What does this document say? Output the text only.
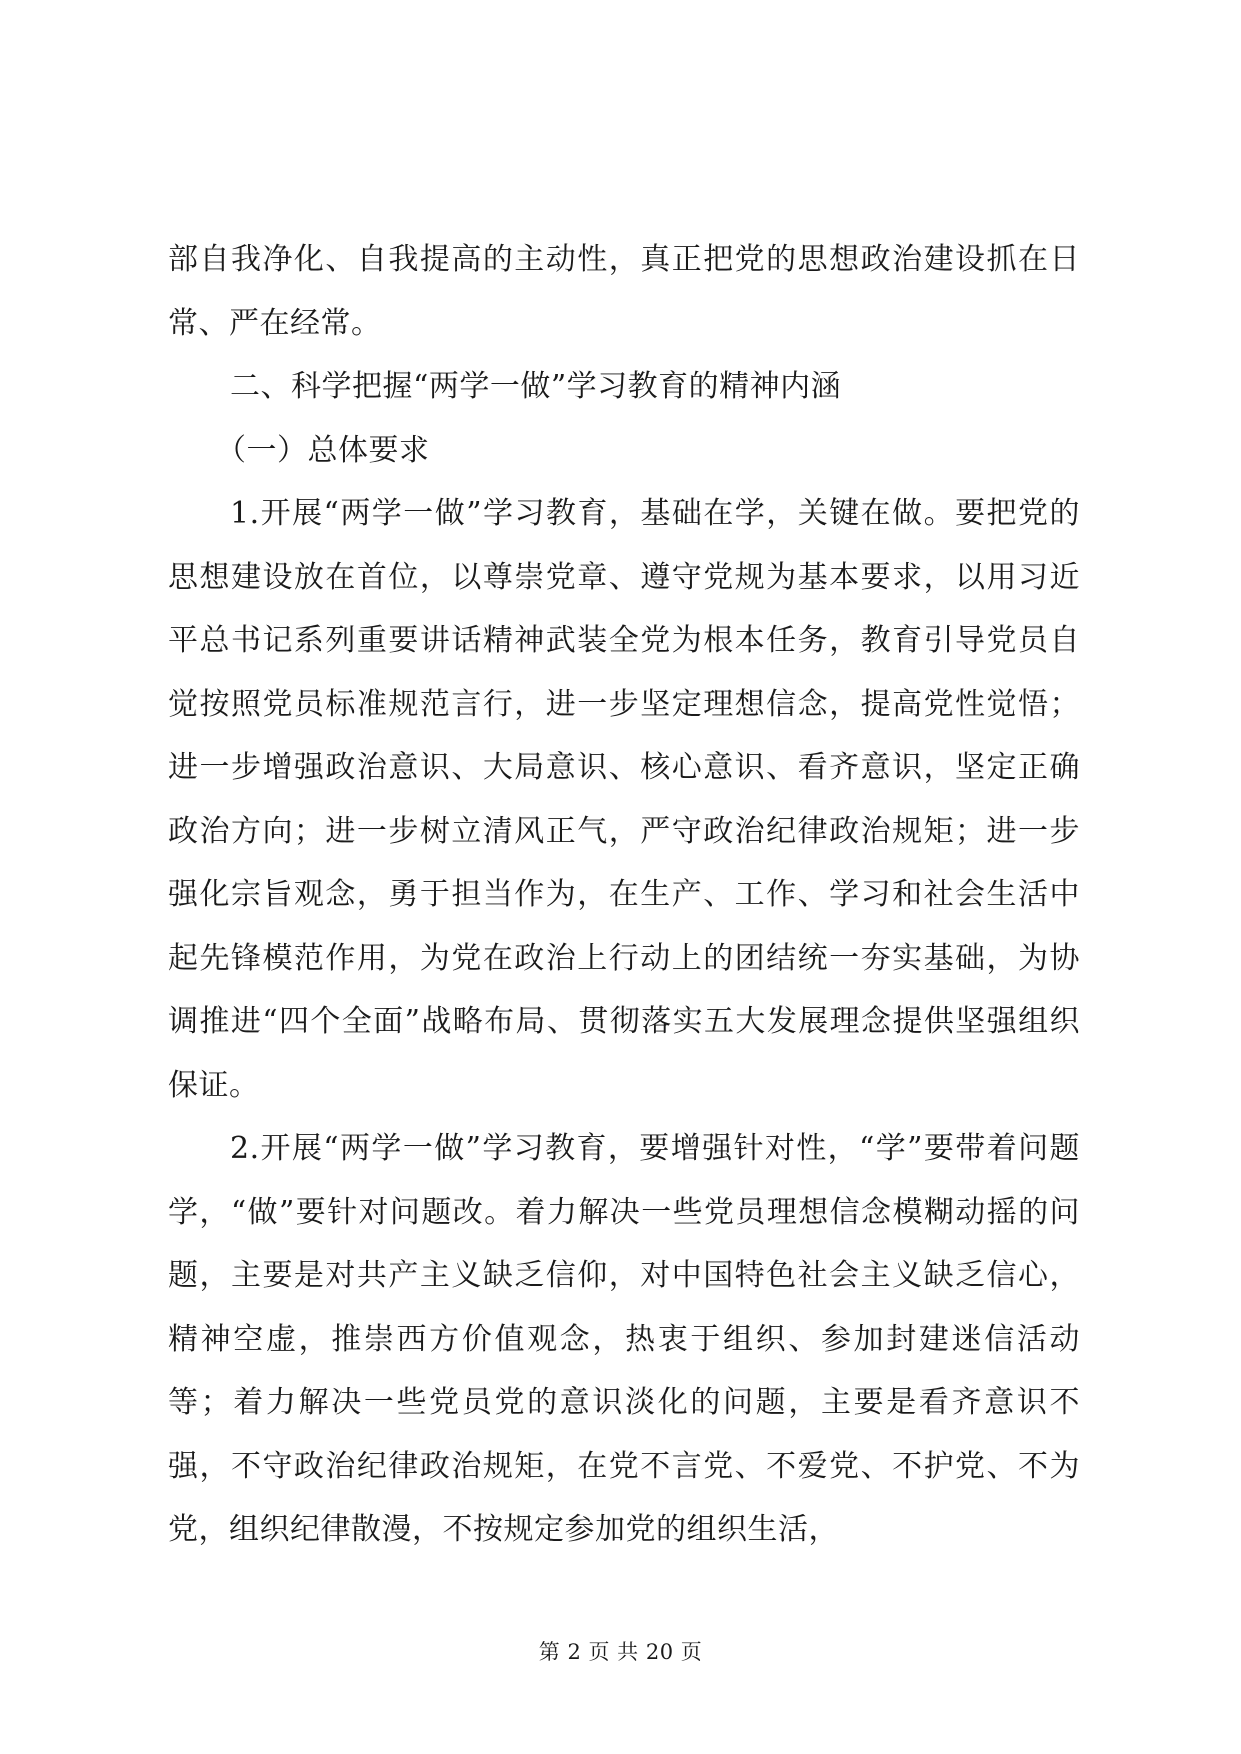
部自我净化、自我提高的主动性，真正把党的思想政治建设抓在日常、严在经常。

二、科学把握“两学一做”学习教育的精神内涵

（一）总体要求

1.开展“两学一做”学习教育，基础在学，关键在做。要把党的思想建设放在首位，以尊崇党章、遵守党规为基本要求，以用习近平总书记系列重要讲话精神武装全党为根本任务，教育引导党员自觉按照党员标准规范言行，进一步坚定理想信念，提高党性觉悟；进一步增强政治意识、大局意识、核心意识、看齐意识，坚定正确政治方向；进一步树立清风正气，严守政治纪律政治规矩；进一步强化宗旨观念，勇于担当作为，在生产、工作、学习和社会生活中起先锋模范作用，为党在政治上行动上的团结统一夯实基础，为协调推进“四个全面”战略布局、贯彻落实五大发展理念提供坚强组织保证。

2.开展“两学一做”学习教育，要增强针对性，“学”要带着问题学，“做”要针对问题改。着力解决一些党员理想信念模糊动摇的问题，主要是对共产主义缺乏信仰，对中国特色社会主义缺乏信心，精神空虚，推崇西方价值观念，热衷于组织、参加封建迷信活动等；着力解决一些党员党的意识淡化的问题，主要是看齐意识不强，不守政治纪律政治规矩，在党不言党、不爱党、不护党、不为党，组织纪律散漫，不按规定参加党的组织生活，

第 2 页 共 20 页
